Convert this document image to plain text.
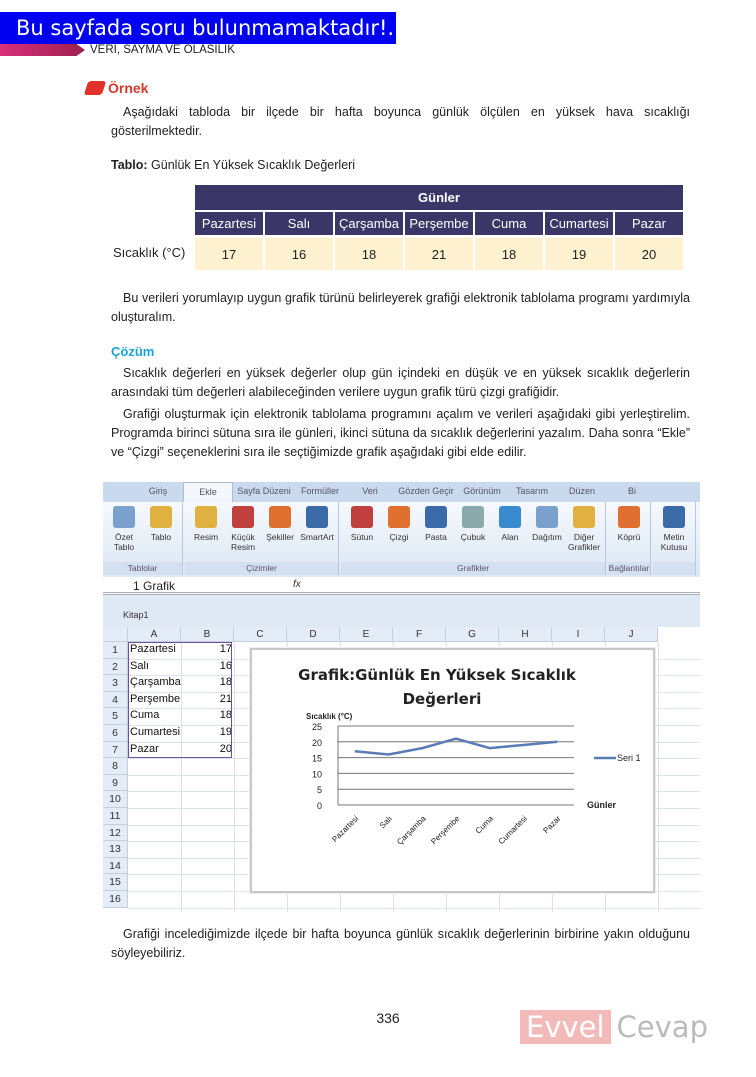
Bu sayfada soru bulunmamaktadır!..
VERİ, SAYMA VE OLASILIK
Örnek
Aşağıdaki tabloda bir ilçede bir hafta boyunca günlük ölçülen en yüksek hava sıcaklığı gösterilmektedir.
Tablo: Günlük En Yüksek Sıcaklık Değerleri
	Günler						
	Pazartesi	Salı	Çarşamba	Perşembe	Cuma	Cumartesi	Pazar
Sıcaklık (°C)	17	16	18	21	18	19	20
Bu verileri yorumlayıp uygun grafik türünü belirleyerek grafiği elektronik tablolama programı yardımıyla oluşturalım.
Çözüm
Sıcaklık değerleri en yüksek değerler olup gün içindeki en düşük ve en yüksek sıcaklık değerlerin arasındaki tüm değerleri alabileceğinden verilere uygun grafik türü çizgi grafiğidir.
Grafiği oluşturmak için elektronik tablolama programını açalım ve verileri aşağıdaki gibi yerleştirelim. Programda birinci sütuna sıra ile günleri, ikinci sütuna da sıcaklık değerlerini yazalım. Daha sonra “Ekle” ve “Çizgi” seçeneklerini sıra ile seçtiğimizde grafik aşağıdaki gibi elde edilir.
Giriş	Ekle	Sayfa Düzeni	Formüller	Veri	Gözden Geçir	Görünüm	Tasarım	Düzen	Bi
Özet Tablo
Tablo
Tablolar
Resim	Küçük Resim
Şekiller SmartArt
Çizimler
Sütun	Çizgi	Pasta	Çubuk	Alan	Dağıtım	Diğer Grafikler
Grafikler
Köprü
Bağlantılar
Metin Kutusu
1 Grafik	fx
Kitap1
Grafik:Günlük En Yüksek Sıcaklık
Değerleri
Sıcaklık (°C)
0
5
10
15
20
25
Pazartesi Salı Çarşamba Perşembe Cuma Cumartesi Pazar
Günler
Seri 1
A	B	C	D	E	F	G	H	I	J
1
2
3
4
5
6
7
8
9
10
11
12
13
14
15
16
Pazartesi	17
Salı	16
Çarşamba	18
Perşembe	21
Cuma	18
Cumartesi	19
Pazar	20
Grafiği incelediğimizde ilçede bir hafta boyunca günlük sıcaklık değerlerinin birbirine yakın olduğunu söyleyebiliriz.
336	Evvel Cevap
